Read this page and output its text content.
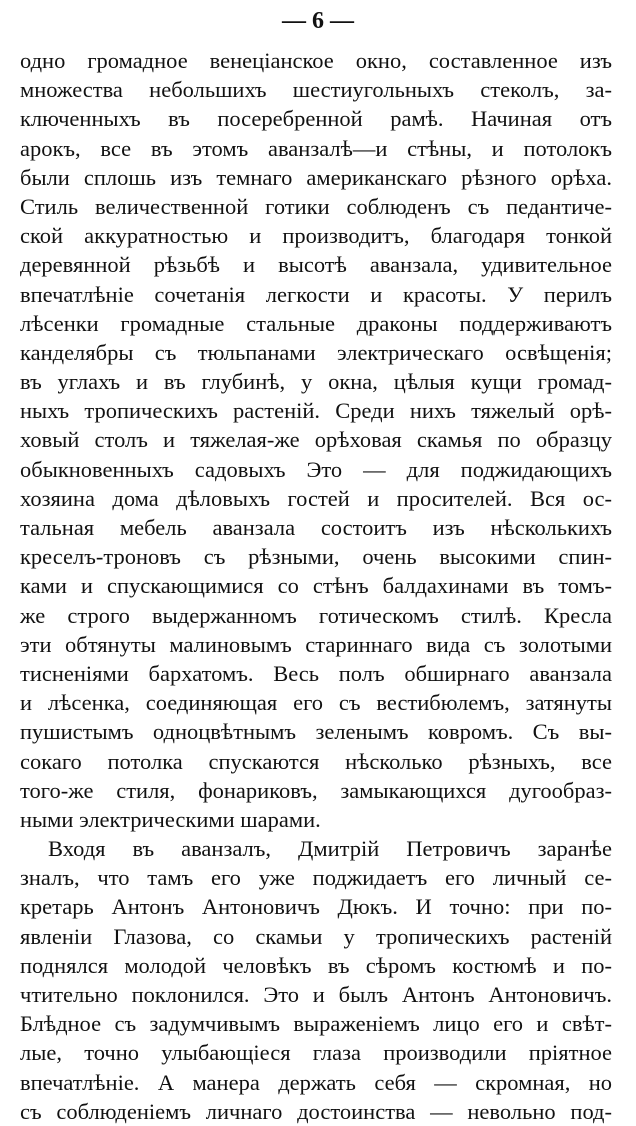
— 6 —
одно громадное венеціанское окно, составленное изъ
множества небольшихъ шестиугольныхъ стеколъ, за-
ключенныхъ въ посеребренной рамѣ. Начиная отъ
арокъ, все въ этомъ аванзалѣ—и стѣны, и потолокъ
были сплошь изъ темнаго американскаго рѣзного орѣха.
Стиль величественной готики соблюденъ съ педантиче-
ской аккуратностью и производитъ, благодаря тонкой
деревянной рѣзьбѣ и высотѣ аванзала, удивительное
впечатлѣніе сочетанія легкости и красоты. У перилъ
лѣсенки громадные стальные драконы поддерживаютъ
канделябры съ тюльпанами электрическаго освѣщенія;
въ углахъ и въ глубинѣ, у окна, цѣлыя кущи громад-
ныхъ тропическихъ растеній. Среди нихъ тяжелый орѣ-
ховый столъ и тяжелая-же орѣховая скамья по образцу
обыкновенныхъ садовыхъ Это — для поджидающихъ
хозяина дома дѣловыхъ гостей и просителей. Вся ос-
тальная мебель аванзала состоитъ изъ нѣсколькихъ
креселъ-троновъ съ рѣзными, очень высокими спин-
ками и спускающимися со стѣнъ балдахинами въ томъ-
же строго выдержанномъ готическомъ стилѣ. Кресла
эти обтянуты малиновымъ стариннаго вида съ золотыми
тисненіями бархатомъ. Весь полъ обширнаго аванзала
и лѣсенка, соединяющая его съ вестибюлемъ, затянуты
пушистымъ одноцвѣтнымъ зеленымъ ковромъ. Съ вы-
сокаго потолка спускаются нѣсколько рѣзныхъ, все
того-же стиля, фонариковъ, замыкающихся дугообраз-
ными электрическими шарами.
Входя въ аванзалъ, Дмитрій Петровичъ заранѣе
зналъ, что тамъ его уже поджидаетъ его личный се-
кретарь Антонъ Антоновичъ Дюкъ. И точно: при по-
явленіи Глазова, со скамьи у тропическихъ растеній
поднялся молодой человѣкъ въ сѣромъ костюмѣ и по-
чтительно поклонился. Это и былъ Антонъ Антоновичъ.
Блѣдное съ задумчивымъ выраженіемъ лицо его и свѣт-
лые, точно улыбающіеся глаза производили пріятное
впечатлѣніе. А манера держать себя — скромная, но
съ соблюденіемъ личнаго достоинства — невольно под-
